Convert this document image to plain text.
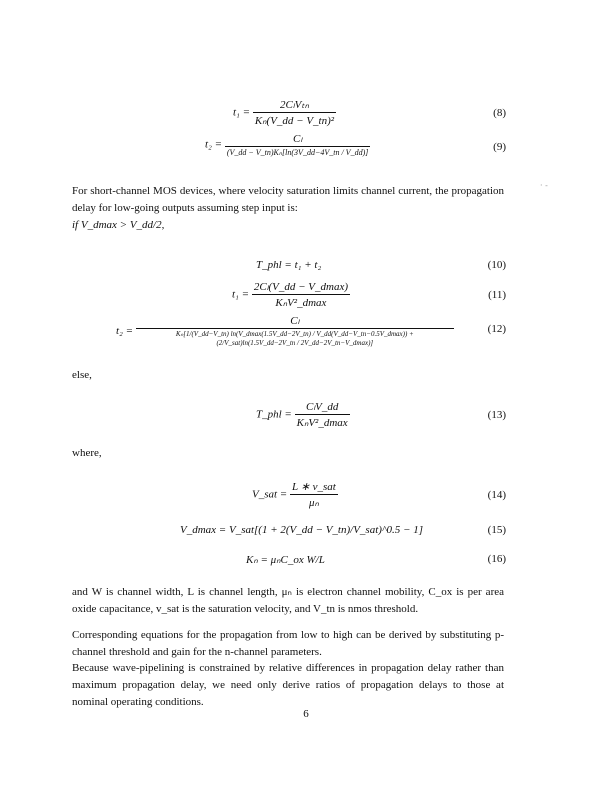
$t_1 = \frac{\text{2CₗVₜₙ}}{\text{Kₙ(V\_dd − V\_tn)²}}$	(8)
$t_2 = \frac{\text{Cₗ}}{\text{(V\_dd − V\_tn)Kₙ[ln(3V\_dd−4V\_tn / V\_dd)]}}$	(9)
For short-channel MOS devices, where velocity saturation limits channel current, the propagation delay for low-going outputs assuming step input is:
· -
if V_dmax > V_dd/2,
T_phl = t₁ + t₂	(10)
$t_1 = \frac{\text{2Cₗ(V\_dd − V\_dmax)}}{\text{KₙV²\_dmax}}$	(11)
t₂ =
Cₗ
Kₙ[1/(V_dd−V_tn) ln(V_dmax(1.5V_dd−2V_tn) / V_dd(V_dd−V_tn−0.5V_dmax)) + (2/V_sat)ln(1.5V_dd−2V_tn / 2V_dd−2V_tn−V_dmax)]
(12)
else,
T_phl = $\frac{\text{CₗV\_dd}}{\text{KₙV²\_dmax}}$	(13)
where,
V_sat = $\frac{\text{L ∗ v\_sat}}{\text{μₙ}}$	(14)
V_dmax = V_sat[(1 + 2(V_dd − V_tn)/V_sat)^0.5 − 1]	(15)
Kₙ = μₙC_ox W/L	(16)
and W is channel width, L is channel length, μₙ is electron channel mobility, C_ox is per area oxide capacitance, v_sat is the saturation velocity, and V_tn is nmos threshold.
Corresponding equations for the propagation from low to high can be derived by substituting p-channel threshold and gain for the n-channel parameters.
Because wave-pipelining is constrained by relative differences in propagation delay rather than maximum propagation delay, we need only derive ratios of propagation delays to those at nominal operating conditions.
6
